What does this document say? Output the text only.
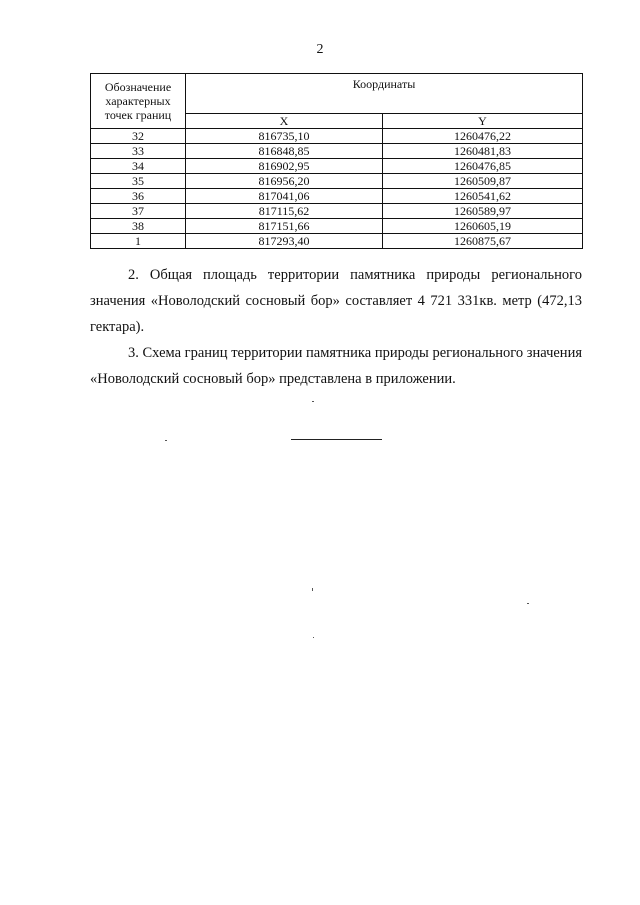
2
Обозначение характерных точек границ	Координаты	
	X	Y
32	816735,10	1260476,22
33	816848,85	1260481,83
34	816902,95	1260476,85
35	816956,20	1260509,87
36	817041,06	1260541,62
37	817115,62	1260589,97
38	817151,66	1260605,19
1	817293,40	1260875,67
2. Общая площадь территории памятника природы регионального значения «Новолодский сосновый бор» составляет 4 721 331кв. метр (472,13 гектара).
3. Схема границ территории памятника природы регионального значения «Новолодский сосновый бор» представлена в приложении.
